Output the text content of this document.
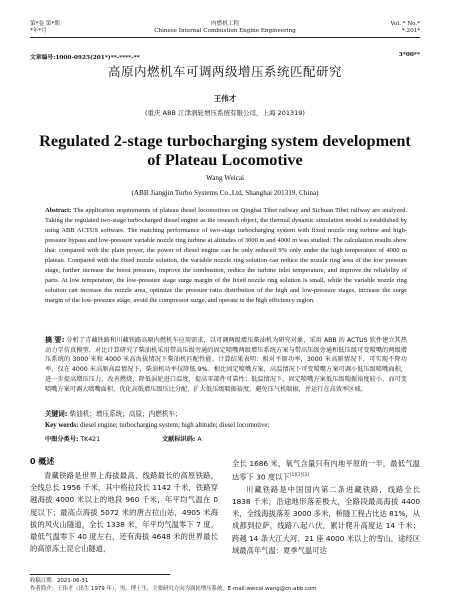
第*卷 第*期
*年*月
内燃机工程
Chinese Internal Combustion Engine Engineering
Vol. * No.*
*.201*
文章编号:1000-0925(201*)**-****-**	3*00**
高原内燃机车可调两级增压系统匹配研究
王伟才
(重庆 ABB 江津涡轮增压系统有限公司，上海 201319)
Regulated 2-stage turbocharging system development
of Plateau Locomotive
Wang Weicai
(ABB Jiangjin Turbo Systems Co.,Ltd, Shanghai 201319, China)
Abstract: The application requirements of plateau diesel locomotives on Qinghai Tibet railway and Sichuan Tibet railway are analyzed. Taking the regulated two-stage turbocharged diesel engine as the research object, the thermal dynamic simulation model is established by using ABB ACTUS software. The matching performance of two-stage turbocharging system with fixed nozzle ring turbine and high-pressure bypass and low-pressure variable nozzle ring turbine at altitudes of 3000 m and 4000 m was studied. The calculation results show that: compared with the plain power, the power of diesel engine can be only reduced 9% only under the high temperature of 4000 m plateau. Compared with the fixed nozzle solution, the variable nozzle ring solution can reduce the nozzle ring area of the low pressure stage, further increase the boost pressure, improve the combustion, reduce the turbine inlet temperature, and improve the reliability of parts. At low temperature, the low-pressure stage surge margin of the fixed nozzle ring solution is small, while the variable nozzle ring solution can increase the nozzle area, optimize the pressure ratio distribution of the high and low-pressure stages, increase the surge margin of the low-pressure stage, avoid the compressor surge, and operate in the high efficiency region.
摘 要: 分析了青藏铁路和川藏铁路高原内燃机车应用需求，以可调两级增压柴油机为研究对象，采用 ABB 的 ACTUS 软件建立其热动力学仿真模型，对比计算研究了柴油机采用带高压级旁通的固定喷嘴两级增压系统方案与带高压级旁通和低压级可变喷嘴的两级增压系统的 3000 米和 4000 米高海拔情况下柴油机匹配性能。计算结果表明：相对平原功率，3000 米高原情况下，可实现不降功率，仅在 4000 米高原高温情况下，柴油机功率仅降低 9%。相比固定喷嘴方案，高温情况下可变喷嘴方案可调小低压级喷嘴面积，进一步提高增压压力，改善燃烧，降低涡轮进口温度，提高零部件可靠性；低温情况下，固定喷嘴方案低压级喘振裕度较小，而可变喷嘴方案可调大喷嘴面积，优化高低增压级压比分配，扩大低压级喘振裕度，避免压气机喘振，并运行在高效率区域。
关键词: 柴油机；增压系统；高原；内燃机车；
Key words: diesel engine; turbocharging system; high altitude; diesel locomotive;
中图分类号: TK421	文献标识码: A
0 概述
青藏铁路是世界上海拔最高、线路最长的高原铁路，全线总长 1956 千米，其中格拉段长 1142 千米，铁路穿越海拔 4000 米以上的地段 960 千米，年平均气温在 0 度以下；最高点海拔 5072 米的唐古拉山站，4905 米海拔的风火山隧道，全长 1338 米，年平均气温零下 7 度，最低气温零下 40 度左右，还有海拔 4648 米的世界最长的高原冻土昆仑山隧道，
全长 1686 米，氧气含量只有内地平原的一半，最低气温达零下 30 度以下[1][2][3]
川藏铁路是中国国内第二条进藏铁路，线路全长 1838 千米，沿途地形落差极大，全路段最高海拔 4400 米，全线海拔落差 3000 多米，桥隧工程占比达 81%，从成都到拉萨，线路八起八伏，累计爬升高度达 14 千米；跨越 14 条大江大河、21 座 4000 米以上的雪山，途经区域最高年气温：夏季气温可达
收稿日期：2021-06-31
作者简介：王伟才（出生 1979 年），男，博士生，主要研究方向为涡轮增压系统。E-mail:weicai.wang@cn.abb.com
